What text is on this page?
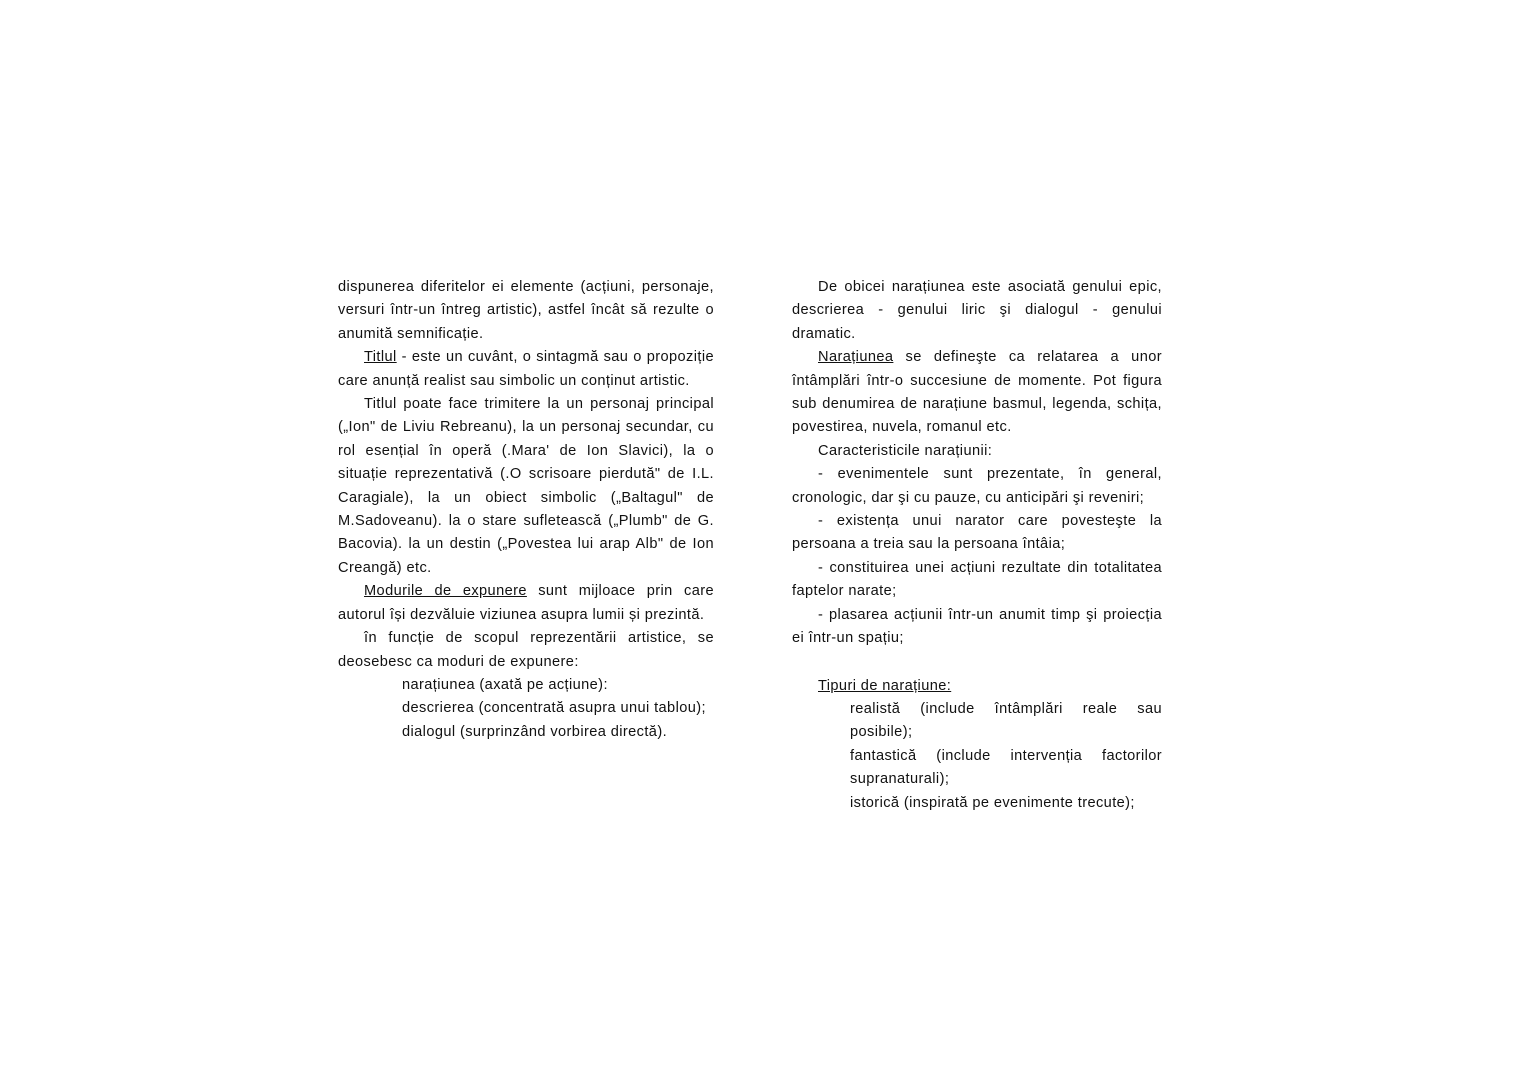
dispunerea diferitelor ei elemente (acțiuni, personaje, versuri într-un întreg artistic), astfel încât să rezulte o anumită semnificație.

Titlul - este un cuvânt, o sintagmă sau o propoziție care anunță realist sau simbolic un conținut artistic.

Titlul poate face trimitere la un personaj principal („Ion" de Liviu Rebreanu), la un personaj secundar, cu rol esențial în operă (.Mara' de Ion Slavici), la o situație reprezentativă (.O scrisoare pierdută" de I.L. Caragiale), la un obiect simbolic („Baltagul" de M.Sadoveanu). la o stare sufletească („Plumb" de G. Bacovia). la un destin („Povestea lui arap Alb" de Ion Creangă) etc.

Modurile de expunere sunt mijloace prin care autorul își dezvăluie viziunea asupra lumii și prezintă.

în funcție de scopul reprezentării artistice, se deosebesc ca moduri de expunere:

narațiunea (axată pe acțiune):
descrierea (concentrată asupra unui tablou);
dialogul (surprinzând vorbirea directă).

De obicei narațiunea este asociată genului epic, descrierea - genului liric şi dialogul - genului dramatic.

Narațiunea se defineşte ca relatarea a unor întâmplări într-o succesiune de momente. Pot figura sub denumirea de narațiune basmul, legenda, schița, povestirea, nuvela, romanul etc.

Caracteristicile narațiunii:

- evenimentele sunt prezentate, în general, cronologic, dar şi cu pauze, cu anticipări şi reveniri;

- existența unui narator care povesteşte la persoana a treia sau la persoana întâia;

- constituirea unei acțiuni rezultate din totalitatea faptelor narate;

- plasarea acțiunii într-un anumit timp şi proiecția ei într-un spațiu;

Tipuri de narațiune:

realistă (include întâmplări reale sau posibile);
fantastică (include intervenția factorilor supranaturali);
istorică (inspirată pe evenimente trecute);
